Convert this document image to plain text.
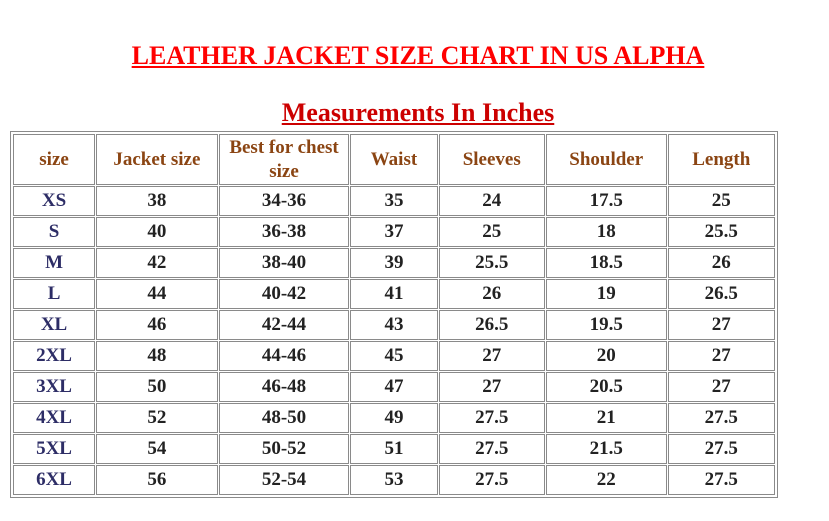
LEATHER JACKET SIZE CHART IN US ALPHA
Measurements In Inches
size	Jacket size	Best for chest size	Waist	Sleeves	Shoulder	Length
XS	38	34-36	35	24	17.5	25
S	40	36-38	37	25	18	25.5
M	42	38-40	39	25.5	18.5	26
L	44	40-42	41	26	19	26.5
XL	46	42-44	43	26.5	19.5	27
2XL	48	44-46	45	27	20	27
3XL	50	46-48	47	27	20.5	27
4XL	52	48-50	49	27.5	21	27.5
5XL	54	50-52	51	27.5	21.5	27.5
6XL	56	52-54	53	27.5	22	27.5
